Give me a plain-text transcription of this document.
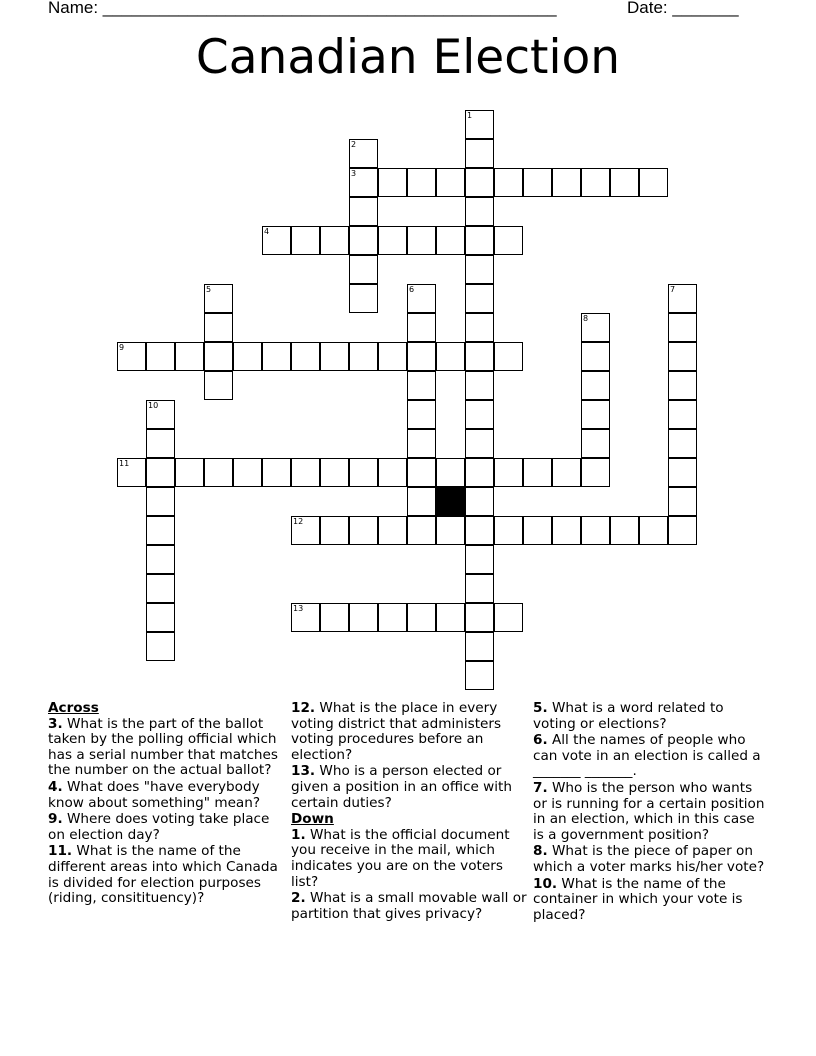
Name: ________________________________________________	Date: _______
Canadian Election
1
2
3
4
5	6	7
8
9
10
11
12
13
Across
3. What is the part of the ballot taken by the polling official which has a serial number that matches the number on the actual ballot?
4. What does "have everybody know about something" mean?
9. Where does voting take place on election day?
11. What is the name of the different areas into which Canada is divided for election purposes (riding, consitituency)?
12. What is the place in every voting district that administers voting procedures before an election?
13. Who is a person elected or given a position in an office with certain duties?
Down
1. What is the official document you receive in the mail, which indicates you are on the voters list?
2. What is a small movable wall or partition that gives privacy?
5. What is a word related to voting or elections?
6. All the names of people who can vote in an election is called a _______ _______.
7. Who is the person who wants or is running for a certain position in an election, which in this case is a government position?
8. What is the piece of paper on which a voter marks his/her vote?
10. What is the name of the container in which your vote is placed?
